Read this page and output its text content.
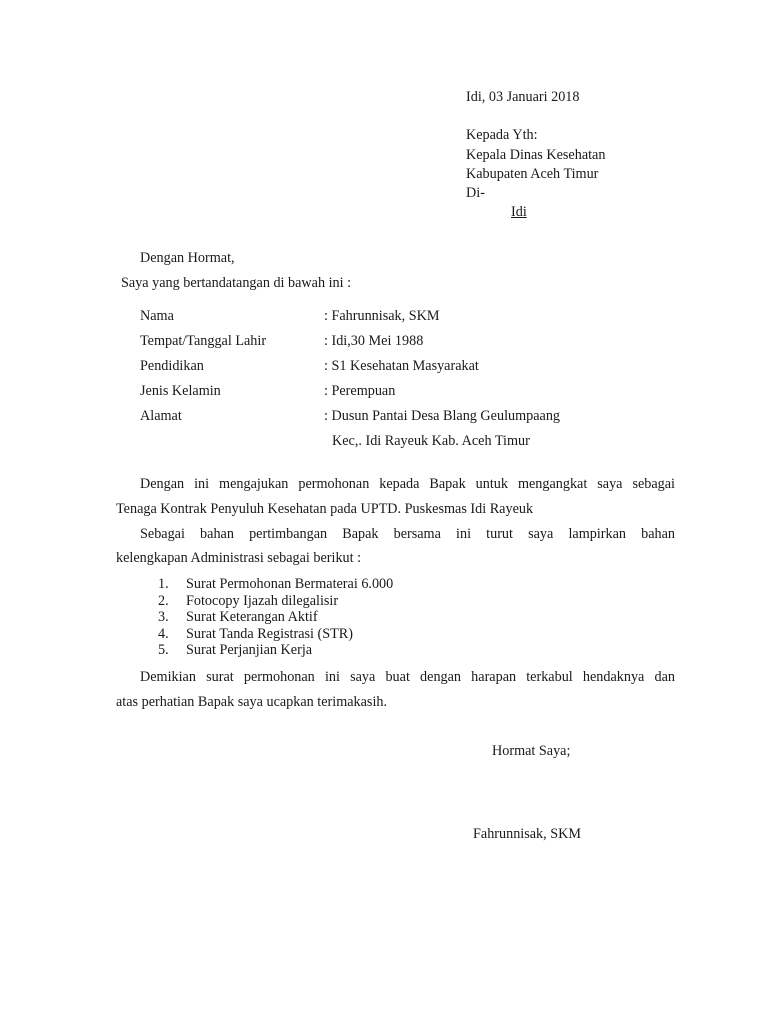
Idi, 03 Januari 2018
Kepada Yth:
Kepala Dinas Kesehatan
Kabupaten Aceh Timur
Di-
Idi
Dengan Hormat,
Saya yang bertandatangan di bawah ini :
Nama	: Fahrunnisak, SKM
Tempat/Tanggal Lahir	: Idi,30 Mei 1988
Pendidikan	: S1 Kesehatan Masyarakat
Jenis Kelamin	: Perempuan
Alamat	: Dusun Pantai Desa Blang Geulumpaang
Kec,. Idi Rayeuk Kab. Aceh Timur
Dengan ini mengajukan permohonan kepada Bapak untuk mengangkat saya sebagai
Tenaga Kontrak Penyuluh Kesehatan pada UPTD. Puskesmas Idi Rayeuk
Sebagai bahan pertimbangan Bapak bersama ini turut saya lampirkan bahan
kelengkapan Administrasi sebagai berikut :
1. Surat Permohonan Bermaterai 6.000
2. Fotocopy Ijazah dilegalisir
3. Surat Keterangan Aktif
4. Surat Tanda Registrasi (STR)
5. Surat Perjanjian Kerja
Demikian surat permohonan ini saya buat dengan harapan terkabul hendaknya dan
atas perhatian Bapak saya ucapkan terimakasih.
Hormat Saya;
Fahrunnisak, SKM
